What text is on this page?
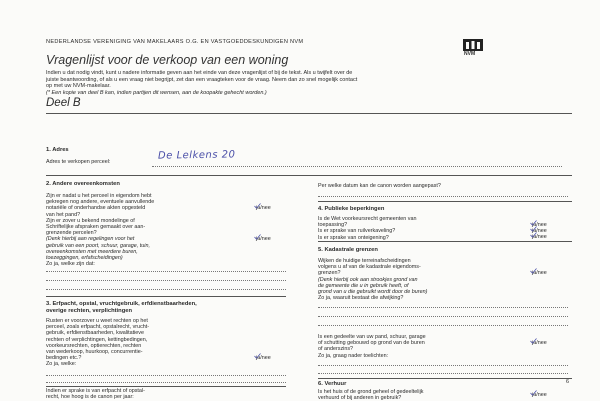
NEDERLANDSE VERENIGING VAN MAKELAARS O.G. EN VASTGOEDDESKUNDIGEN NVM
NVM
Vragenlijst voor de verkoop van een woning
Indien u dat nodig vindt, kunt u nadere informatie geven aan het einde van deze vragenlijst of bij de tekst. Als u twijfelt over de
juiste beantwoording, of als u een vraag niet begrijpt, zet dan een vraagteken voor de vraag. Neem dan zo snel mogelijk contact
op met uw NVM-makelaar.
(* Een kopie van deel B kan, indien partijen dit wensen, aan de koopakte gehecht worden.)
Deel B
1. Adres
Adres te verkopen perceel:
De Lelkens 20
2. Andere overeenkomsten
Zijn er nadat u het perceel in eigendom hebt
gekregen nog andere, eventuele aanvullende
notariële of onderhandse akten opgesteld
van het pand?
Zijn er zover u bekend mondelinge of
Schriftelijke afspraken gemaakt over aan-
grenzende percelen?
(Denk hierbij aan regelingen voor het
gebruik van een poort, schuur, garage, tuin,
overeenkomsten met meerdere buren,
toezeggingen, erfafscheidingen)
Zo ja, welke zijn dat:
ja/nee
ja/nee
3. Erfpacht, opstal, vruchtgebruik, erfdienstbaarheden,
overige rechten, verplichtingen
Rusten er voorzover u weet rechten op het
perceel, zoals erfpacht, opstalrecht, vrucht-
gebruik, erfdienstbaarheden, kwalitatieve
rechten of verplichtingen, kettingbedingen,
voorkeursrechten, optierechten, rechten
van wederkoop, huurkoop, concurrentie-
bedingen etc.?
Zo ja, welke:
ja/nee
Indien er sprake is van erfpacht of opstal-
recht, hoe hoog is de canon per jaar:
Per welke datum kan de canon worden aangepast?
4. Publieke beperkingen
Is de Wet voorkeursrecht gemeenten van
toepassing?
Is er sprake van ruilverkaveling?
Is er sprake van onteigening?
ja/nee
ja/nee
ja/nee
5. Kadastrale grenzen
Wijken de huidige terreinafscheidingen
volgens u af van de kadastrale eigendoms-
grenzen?
(Denk hierbij ook aan strookjes grond van
de gemeente die u in gebruik heeft, of
grond van u die gebruikt wordt door de buren)
Zo ja, waaruit bestaat die afwijking?
ja/nee
Is een gedeelte van uw pand, schuur, garage
of schutting gebouwd op grond van de buren
of anderszins?
Zo ja, graag nader toelichten:
ja/nee
6. Verhuur
Is het huis of de grond geheel of gedeeltelijk
verhuurd of bij anderen in gebruik?
ja/nee
6
